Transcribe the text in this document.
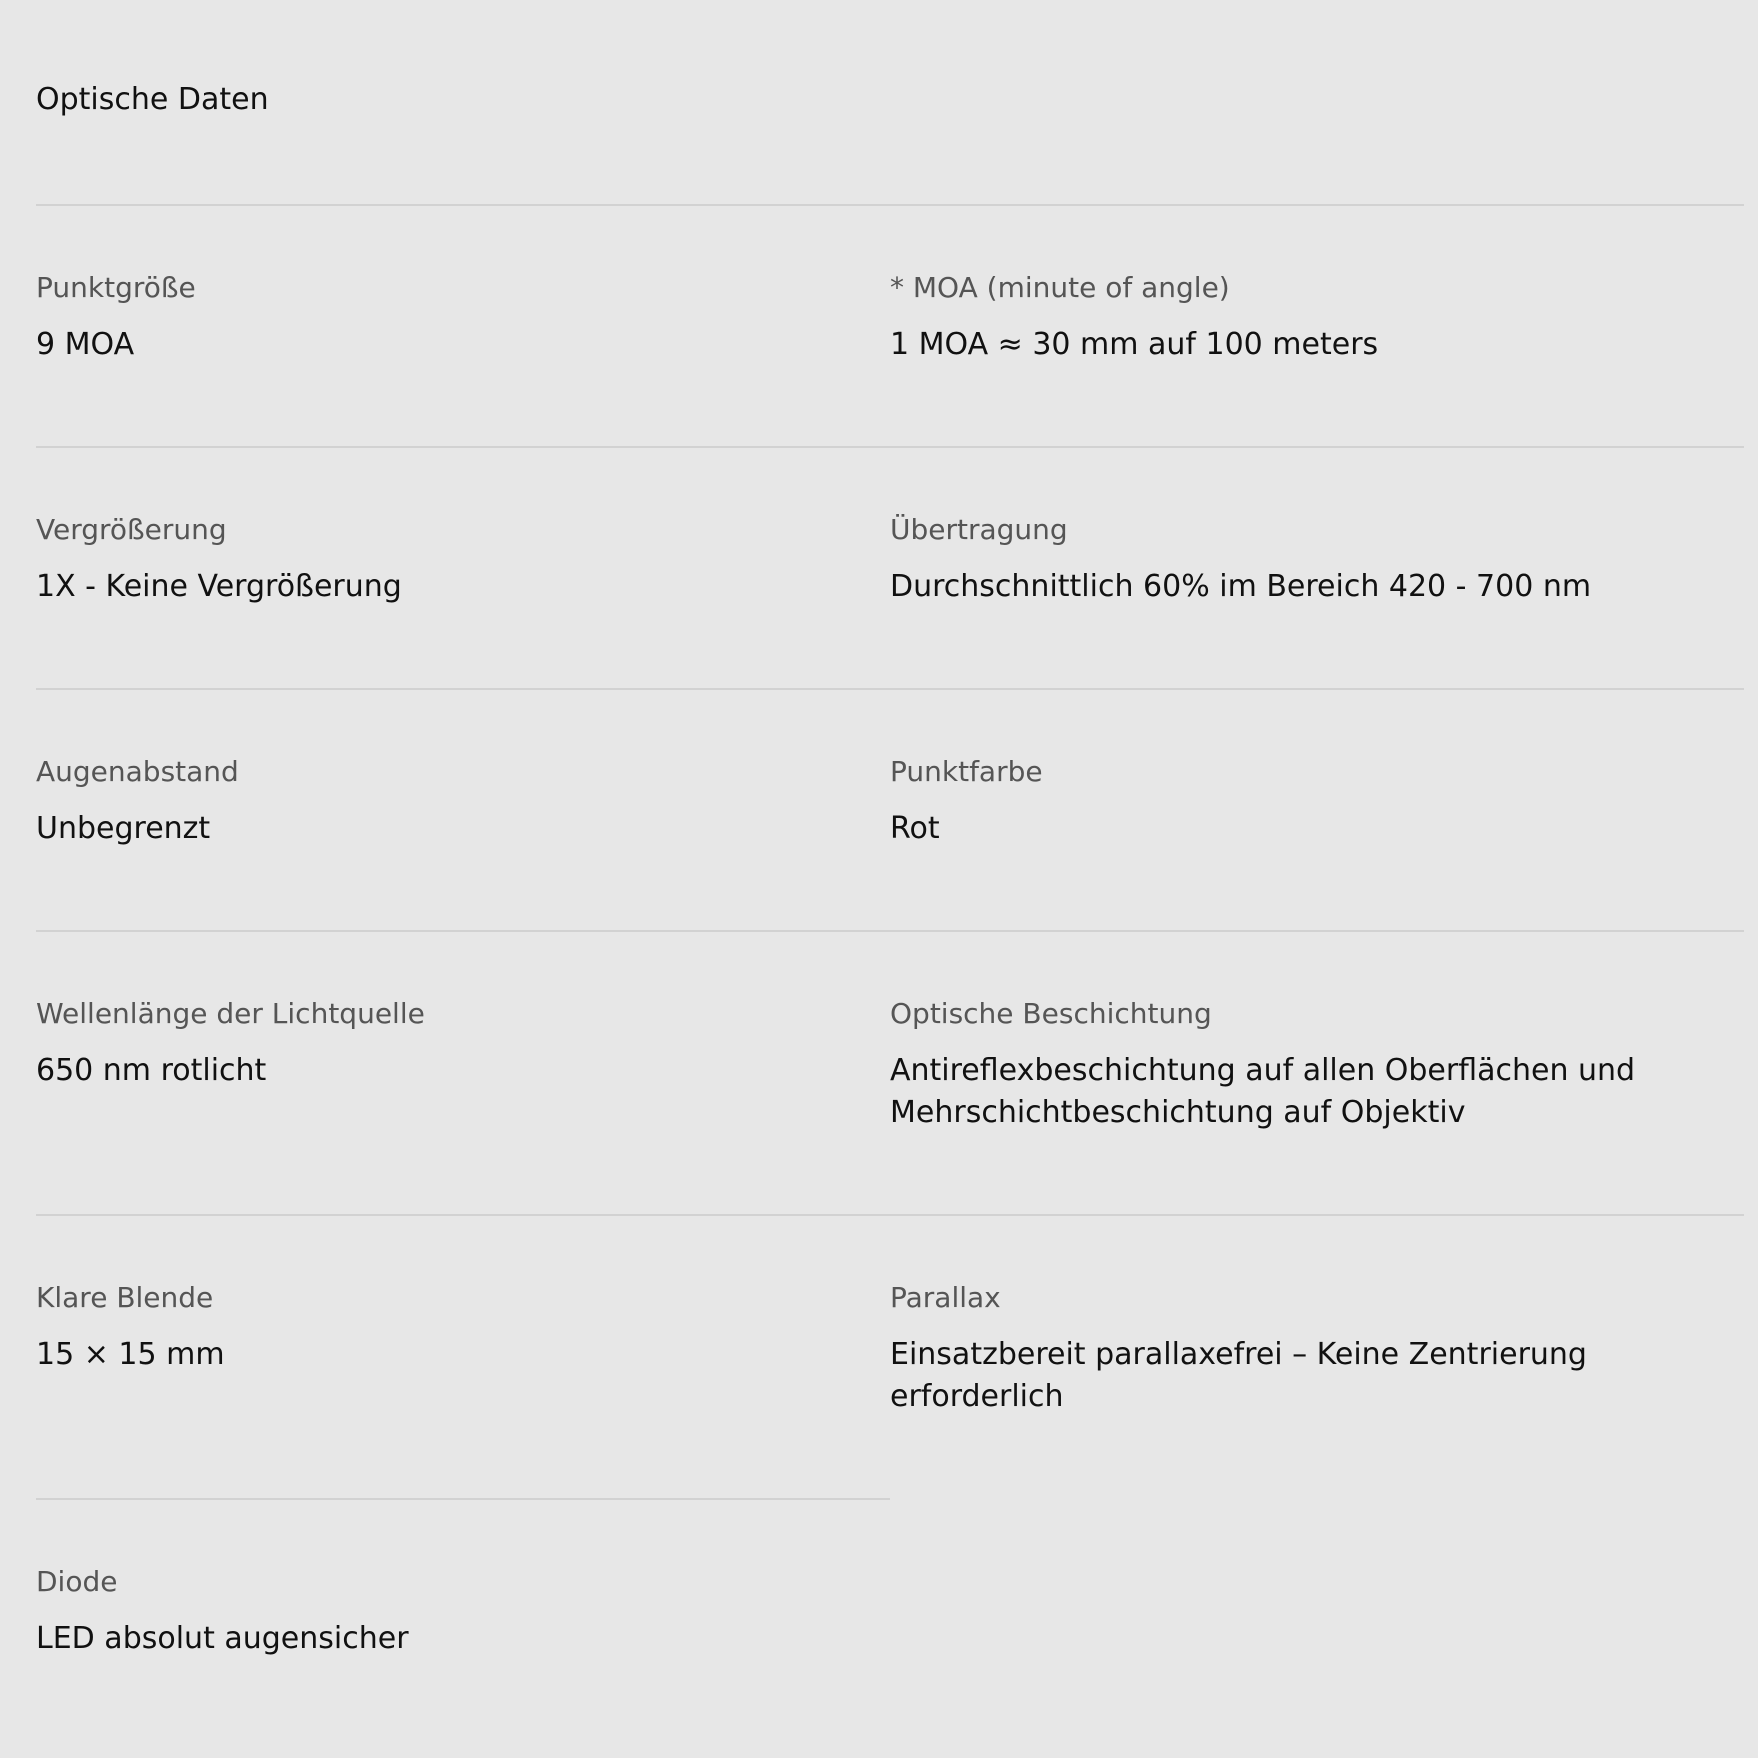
Optische Daten

Punktgröße

9 MOA

* MOA (minute of angle)

1 MOA ≈ 30 mm auf 100 meters

Vergrößerung

1X - Keine Vergrößerung

Übertragung

Durchschnittlich 60% im Bereich 420 - 700 nm

Augenabstand

Unbegrenzt

Punktfarbe

Rot

Wellenlänge der Lichtquelle

650 nm rotlicht

Optische Beschichtung

Antireflexbeschichtung auf allen Oberflächen und Mehrschichtbeschichtung auf Objektiv

Klare Blende

15 × 15 mm

Parallax

Einsatzbereit parallaxefrei – Keine Zentrierung erforderlich

Diode

LED absolut augensicher
